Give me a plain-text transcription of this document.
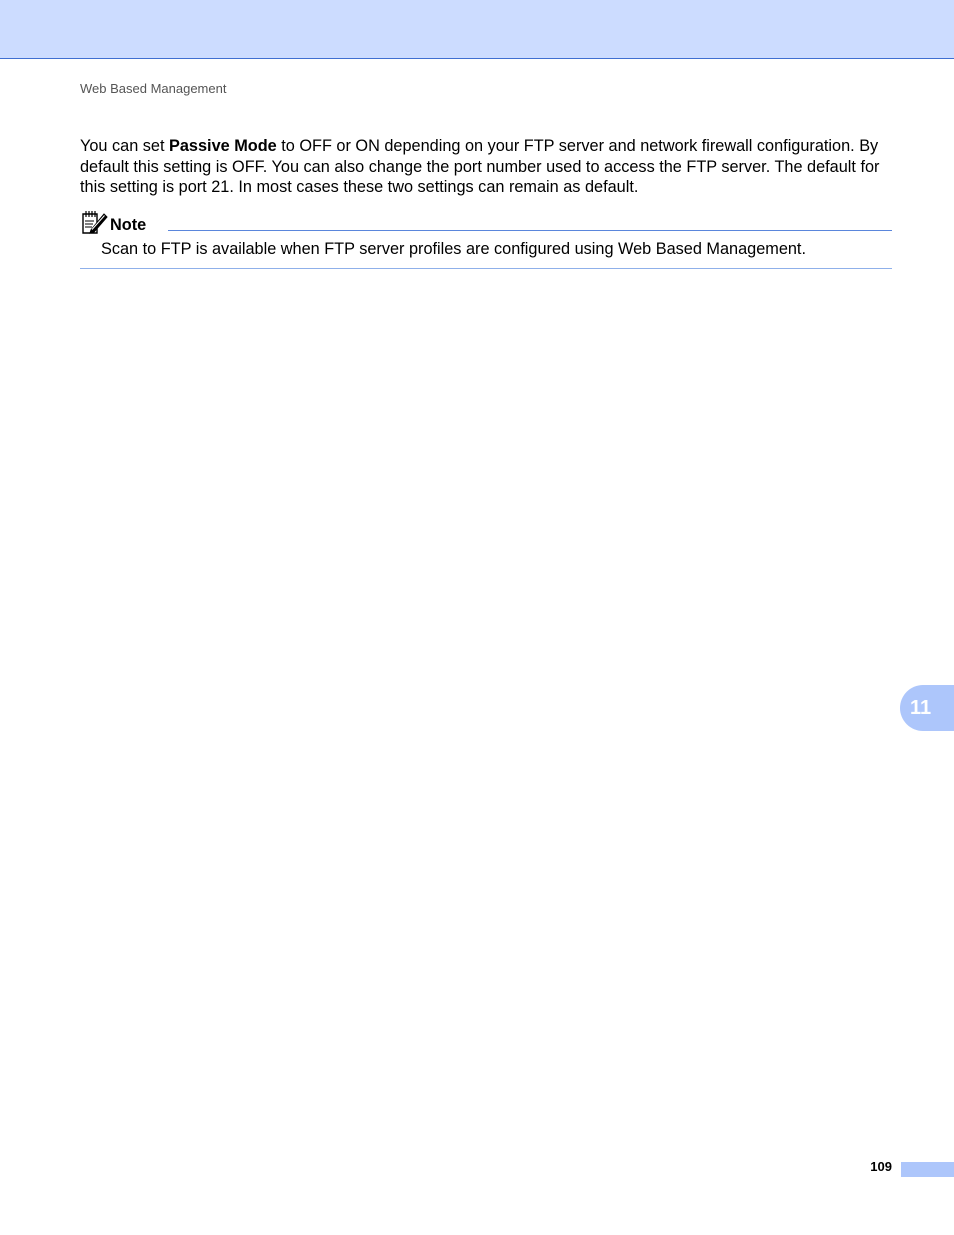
Web Based Management

You can set Passive Mode to OFF or ON depending on your FTP server and network firewall configuration. By default this setting is OFF. You can also change the port number used to access the FTP server. The default for this setting is port 21. In most cases these two settings can remain as default.

Note
Scan to FTP is available when FTP server profiles are configured using Web Based Management.
11
109
